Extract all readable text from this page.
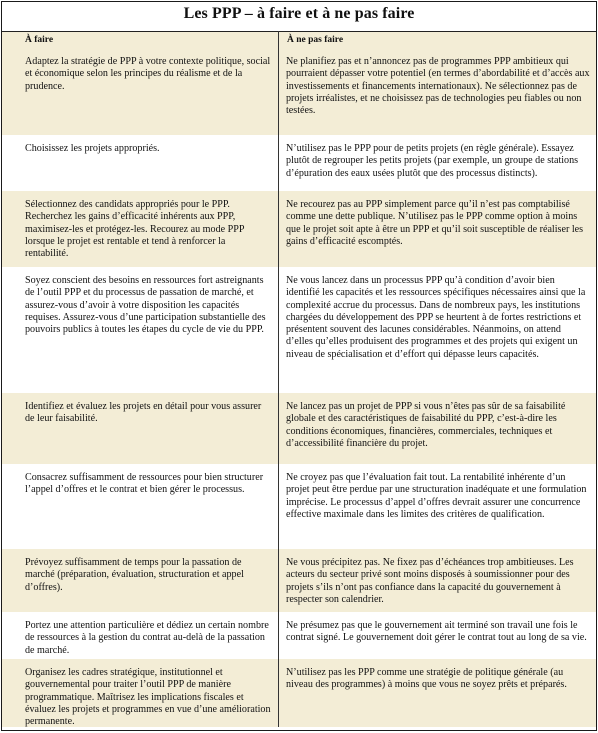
Les PPP – à faire et à ne pas faire
À faire	À ne pas faire
Adaptez la stratégie de PPP à votre contexte politique, social et économique selon les principes du réalisme et de la prudence.
Ne planifiez pas et n’annoncez pas de programmes PPP ambitieux qui pourraient dépasser votre potentiel (en termes d’abordabilité et d’accès aux investissements et financements internationaux). Ne sélectionnez pas de projets irréalistes, et ne choisissez pas de technologies peu fiables ou non testées.
Choisissez les projets appropriés.	N’utilisez pas le PPP pour de petits projets (en règle générale). Essayez plutôt de regrouper les petits projets (par exemple, un groupe de stations d’épuration des eaux usées plutôt que des processus distincts).
Sélectionnez des candidats appropriés pour le PPP. Recherchez les gains d’efficacité inhérents aux PPP, maximisez-les et protégez-les. Recourez au mode PPP lorsque le projet est rentable et tend à renforcer la rentabilité.
Ne recourez pas au PPP simplement parce qu’il n’est pas comptabilisé comme une dette publique. N’utilisez pas le PPP comme option à moins que le projet soit apte à être un PPP et qu’il soit susceptible de réaliser les gains d’efficacité escomptés.
Soyez conscient des besoins en ressources fort astreignants de l’outil PPP et du processus de passation de marché, et assurez-vous d’avoir à votre disposition les capacités requises. Assurez-vous d’une participation substantielle des pouvoirs publics à toutes les étapes du cycle de vie du PPP.
Ne vous lancez dans un processus PPP qu’à condition d’avoir bien identifié les capacités et les ressources spécifiques nécessaires ainsi que la complexité accrue du processus. Dans de nombreux pays, les institutions chargées du développement des PPP se heurtent à de fortes restrictions et présentent souvent des lacunes considérables. Néanmoins, on attend d’elles qu’elles produisent des programmes et des projets qui exigent un niveau de spécialisation et d’effort qui dépasse leurs capacités.
Identifiez et évaluez les projets en détail pour vous assurer de leur faisabilité.
Ne lancez pas un projet de PPP si vous n’êtes pas sûr de sa faisabilité globale et des caractéristiques de faisabilité du PPP, c’est-à-dire les conditions économiques, financières, commerciales, techniques et d’accessibilité financière du projet.
Consacrez suffisamment de ressources pour bien structurer l’appel d’offres et le contrat et bien gérer le processus.
Ne croyez pas que l’évaluation fait tout. La rentabilité inhérente d’un projet peut être perdue par une structuration inadéquate et une formulation imprécise. Le processus d’appel d’offres devrait assurer une concurrence effective maximale dans les limites des critères de qualification.
Prévoyez suffisamment de temps pour la passation de marché (préparation, évaluation, structuration et appel d’offres).
Ne vous précipitez pas. Ne fixez pas d’échéances trop ambitieuses. Les acteurs du secteur privé sont moins disposés à soumissionner pour des projets s’ils n’ont pas confiance dans la capacité du gouvernement à respecter son calendrier.
Portez une attention particulière et dédiez un certain nombre de ressources à la gestion du contrat au-delà de la passation de marché.
Ne présumez pas que le gouvernement ait terminé son travail une fois le contrat signé. Le gouvernement doit gérer le contrat tout au long de sa vie.
Organisez les cadres stratégique, institutionnel et gouvernemental pour traiter l’outil PPP de manière programmatique. Maîtrisez les implications fiscales et évaluez les projets et programmes en vue d’une amélioration permanente.
N’utilisez pas les PPP comme une stratégie de politique générale (au niveau des programmes) à moins que vous ne soyez prêts et préparés.
